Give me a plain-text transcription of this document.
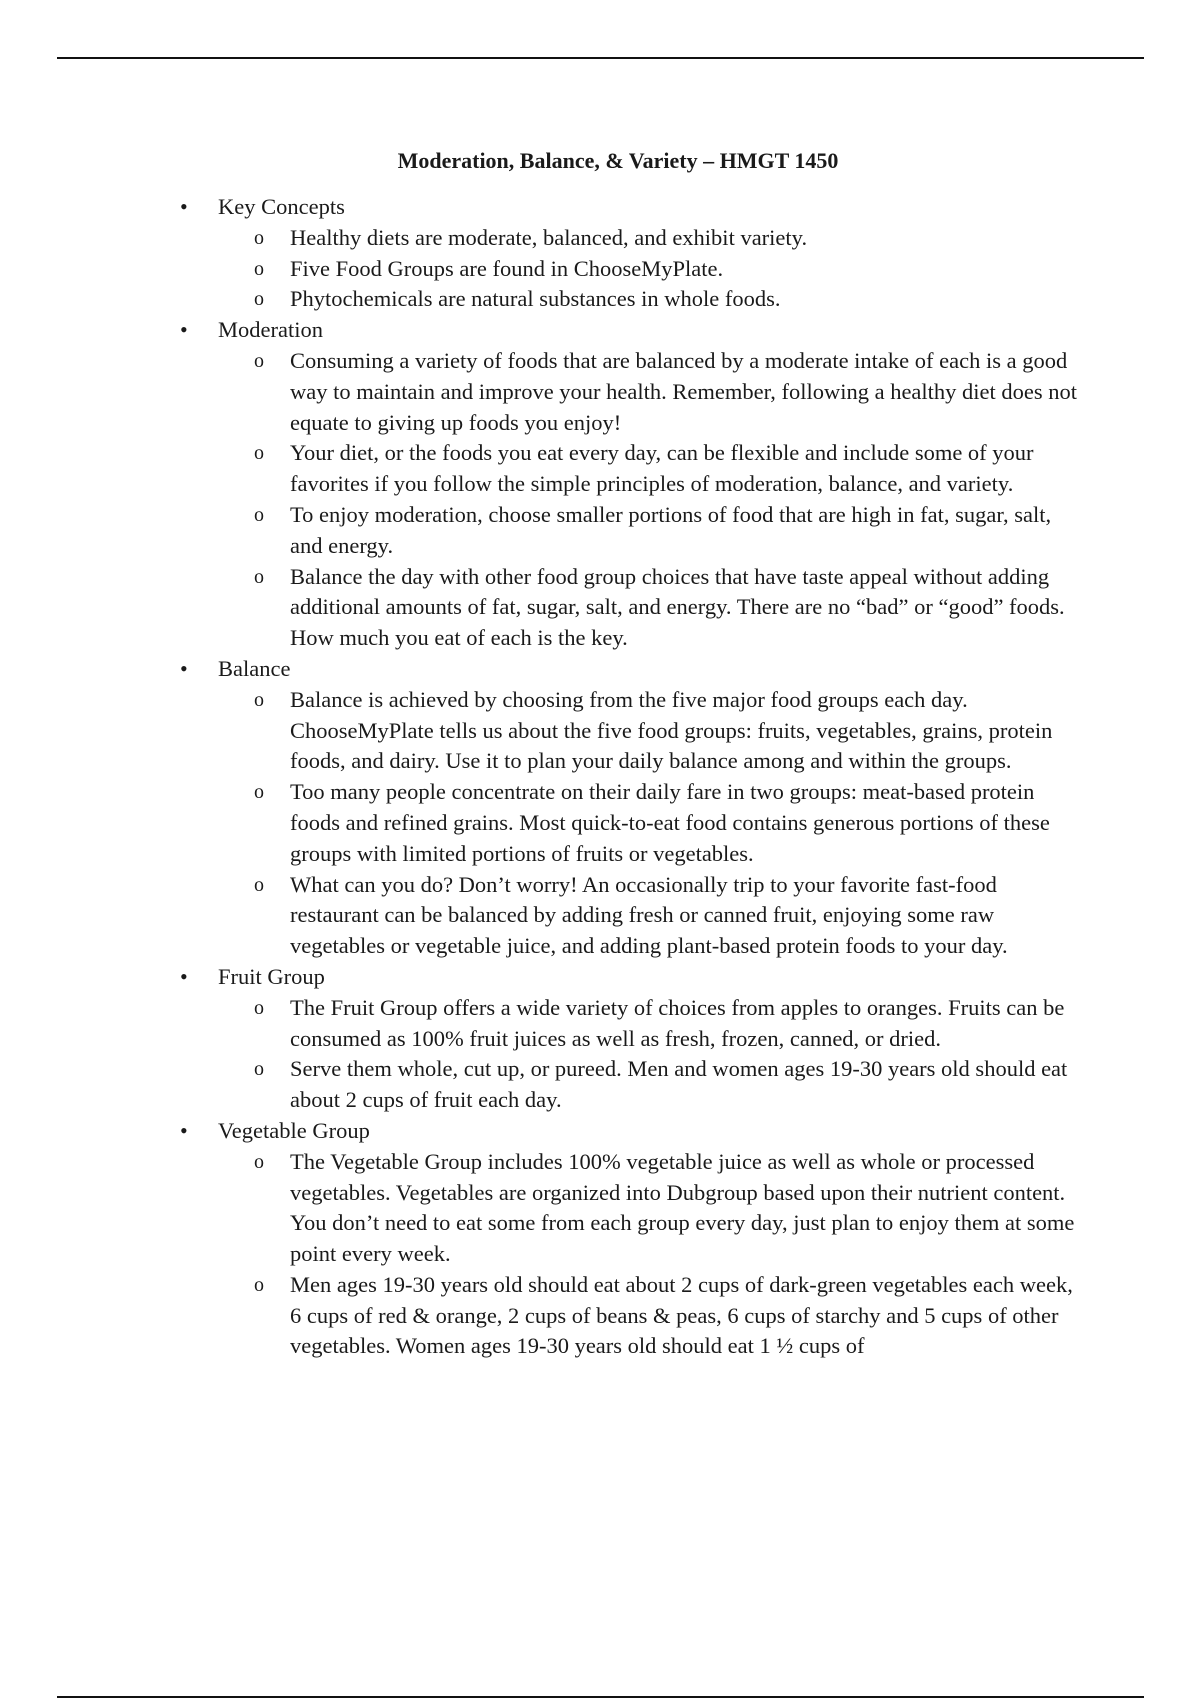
Moderation, Balance, & Variety – HMGT 1450
• Key Concepts
o Healthy diets are moderate, balanced, and exhibit variety.
o Five Food Groups are found in ChooseMyPlate.
o Phytochemicals are natural substances in whole foods.
• Moderation
o Consuming a variety of foods that are balanced by a moderate intake of each is a good way to maintain and improve your health. Remember, following a healthy diet does not equate to giving up foods you enjoy!
o Your diet, or the foods you eat every day, can be flexible and include some of your favorites if you follow the simple principles of moderation, balance, and variety.
o To enjoy moderation, choose smaller portions of food that are high in fat, sugar, salt, and energy.
o Balance the day with other food group choices that have taste appeal without adding additional amounts of fat, sugar, salt, and energy. There are no “bad” or “good” foods. How much you eat of each is the key.
• Balance
o Balance is achieved by choosing from the five major food groups each day. ChooseMyPlate tells us about the five food groups: fruits, vegetables, grains, protein foods, and dairy. Use it to plan your daily balance among and within the groups.
o Too many people concentrate on their daily fare in two groups: meat-based protein foods and refined grains. Most quick-to-eat food contains generous portions of these groups with limited portions of fruits or vegetables.
o What can you do? Don’t worry! An occasionally trip to your favorite fast-food restaurant can be balanced by adding fresh or canned fruit, enjoying some raw vegetables or vegetable juice, and adding plant-based protein foods to your day.
• Fruit Group
o The Fruit Group offers a wide variety of choices from apples to oranges. Fruits can be consumed as 100% fruit juices as well as fresh, frozen, canned, or dried.
o Serve them whole, cut up, or pureed. Men and women ages 19-30 years old should eat about 2 cups of fruit each day.
• Vegetable Group
o The Vegetable Group includes 100% vegetable juice as well as whole or processed vegetables. Vegetables are organized into Dubgroup based upon their nutrient content. You don’t need to eat some from each group every day, just plan to enjoy them at some point every week.
o Men ages 19-30 years old should eat about 2 cups of dark-green vegetables each week, 6 cups of red & orange, 2 cups of beans & peas, 6 cups of starchy and 5 cups of other vegetables. Women ages 19-30 years old should eat 1 ½ cups of
